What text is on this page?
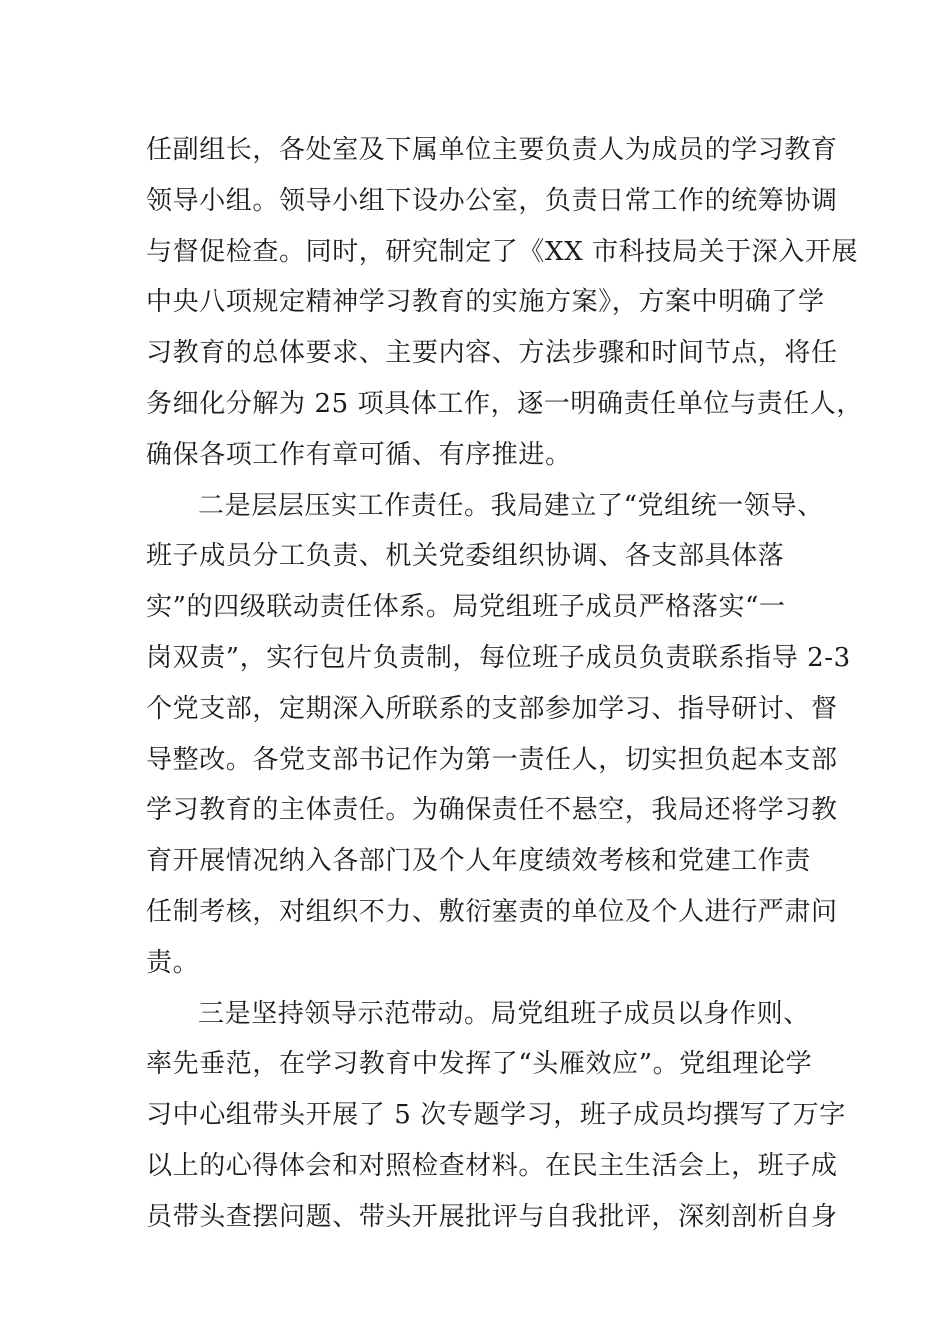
任副组长，各处室及下属单位主要负责人为成员的学习教育
领导小组。领导小组下设办公室，负责日常工作的统筹协调
与督促检查。同时，研究制定了《XX 市科技局关于深入开展
中央八项规定精神学习教育的实施方案》，方案中明确了学
习教育的总体要求、主要内容、方法步骤和时间节点，将任
务细化分解为 25 项具体工作，逐一明确责任单位与责任人，
确保各项工作有章可循、有序推进。
二是层层压实工作责任。我局建立了“党组统一领导、
班子成员分工负责、机关党委组织协调、各支部具体落
实”的四级联动责任体系。局党组班子成员严格落实“一
岗双责”，实行包片负责制，每位班子成员负责联系指导 2-3
个党支部，定期深入所联系的支部参加学习、指导研讨、督
导整改。各党支部书记作为第一责任人，切实担负起本支部
学习教育的主体责任。为确保责任不悬空，我局还将学习教
育开展情况纳入各部门及个人年度绩效考核和党建工作责
任制考核，对组织不力、敷衍塞责的单位及个人进行严肃问
责。
三是坚持领导示范带动。局党组班子成员以身作则、
率先垂范，在学习教育中发挥了“头雁效应”。党组理论学
习中心组带头开展了 5 次专题学习，班子成员均撰写了万字
以上的心得体会和对照检查材料。在民主生活会上，班子成
员带头查摆问题、带头开展批评与自我批评，深刻剖析自身
